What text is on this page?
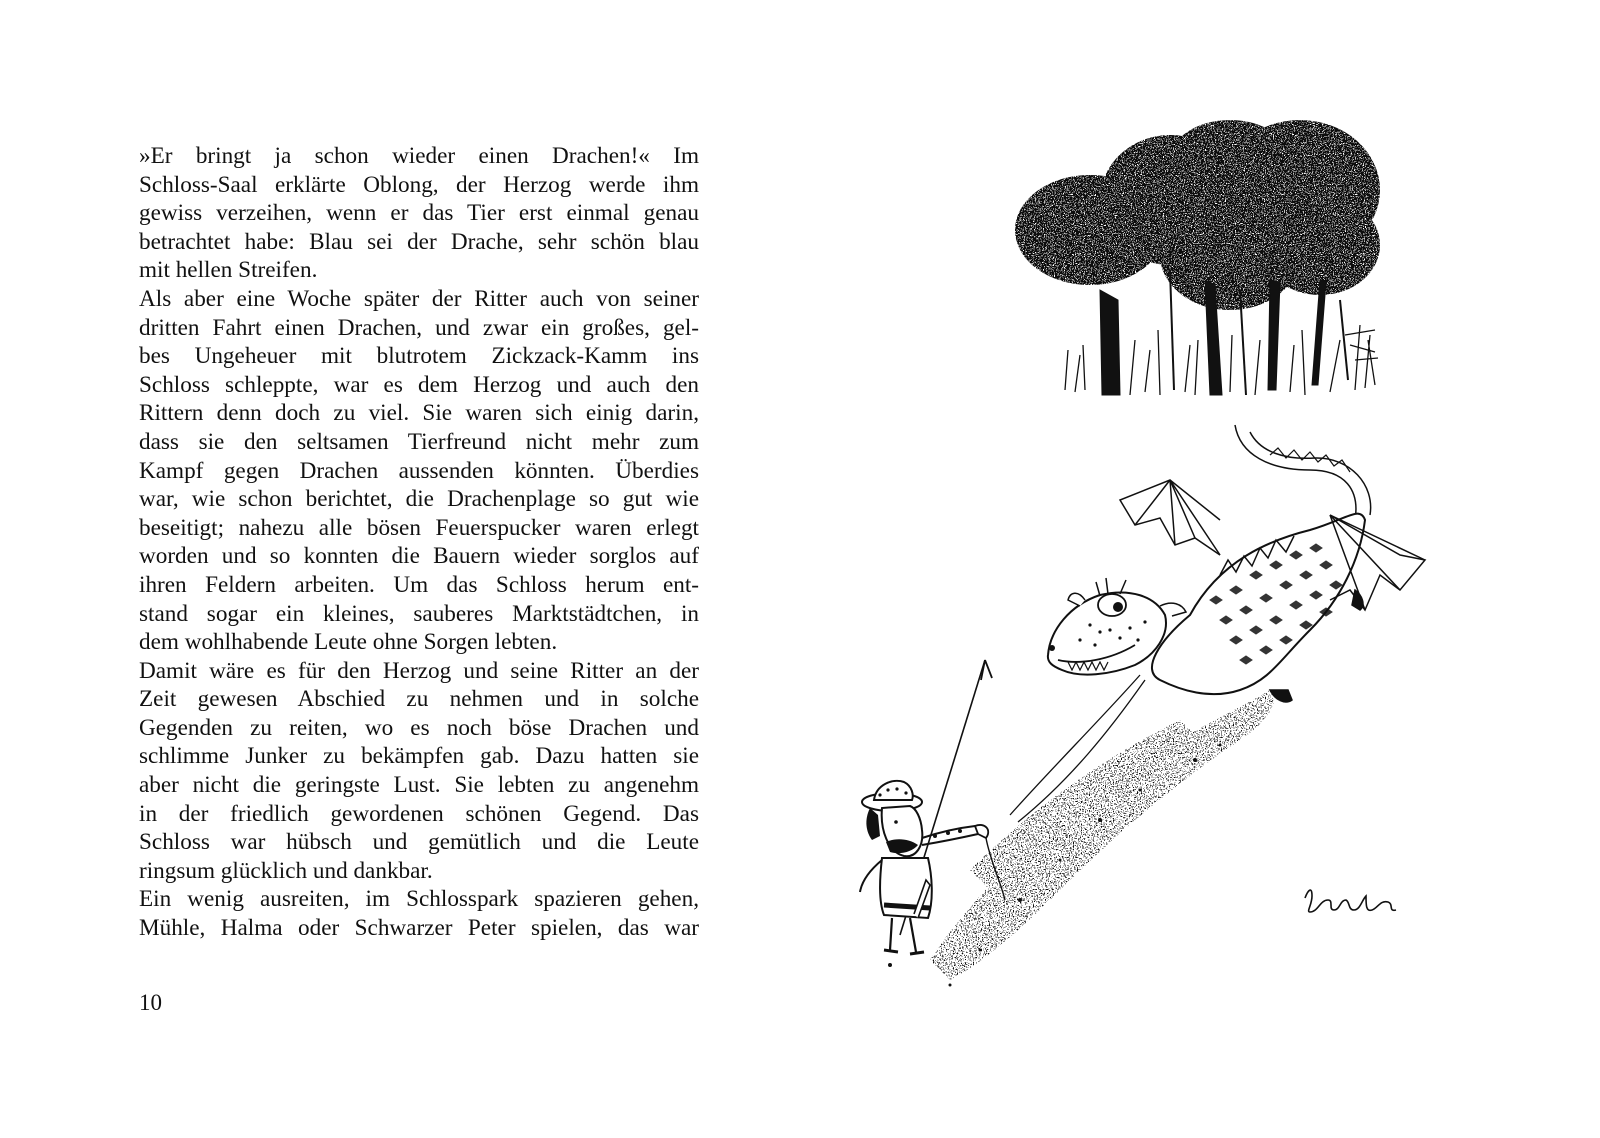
»Er bringt ja schon wieder einen Drachen!« Im
Schloss-Saal erklärte Oblong, der Herzog werde ihm
gewiss verzeihen, wenn er das Tier erst einmal genau
betrachtet habe: Blau sei der Drache, sehr schön blau
mit hellen Streifen.
Als aber eine Woche später der Ritter auch von seiner
dritten Fahrt einen Drachen, und zwar ein großes, gel-
bes Ungeheuer mit blutrotem Zickzack-Kamm ins
Schloss schleppte, war es dem Herzog und auch den
Rittern denn doch zu viel. Sie waren sich einig darin,
dass sie den seltsamen Tierfreund nicht mehr zum
Kampf gegen Drachen aussenden könnten. Überdies
war, wie schon berichtet, die Drachenplage so gut wie
beseitigt; nahezu alle bösen Feuerspucker waren erlegt
worden und so konnten die Bauern wieder sorglos auf
ihren Feldern arbeiten. Um das Schloss herum ent-
stand sogar ein kleines, sauberes Marktstädtchen, in
dem wohlhabende Leute ohne Sorgen lebten.
Damit wäre es für den Herzog und seine Ritter an der
Zeit gewesen Abschied zu nehmen und in solche
Gegenden zu reiten, wo es noch böse Drachen und
schlimme Junker zu bekämpfen gab. Dazu hatten sie
aber nicht die geringste Lust. Sie lebten zu angenehm
in der friedlich gewordenen schönen Gegend. Das
Schloss war hübsch und gemütlich und die Leute
ringsum glücklich und dankbar.
Ein wenig ausreiten, im Schlosspark spazieren gehen,
Mühle, Halma oder Schwarzer Peter spielen, das war
10
